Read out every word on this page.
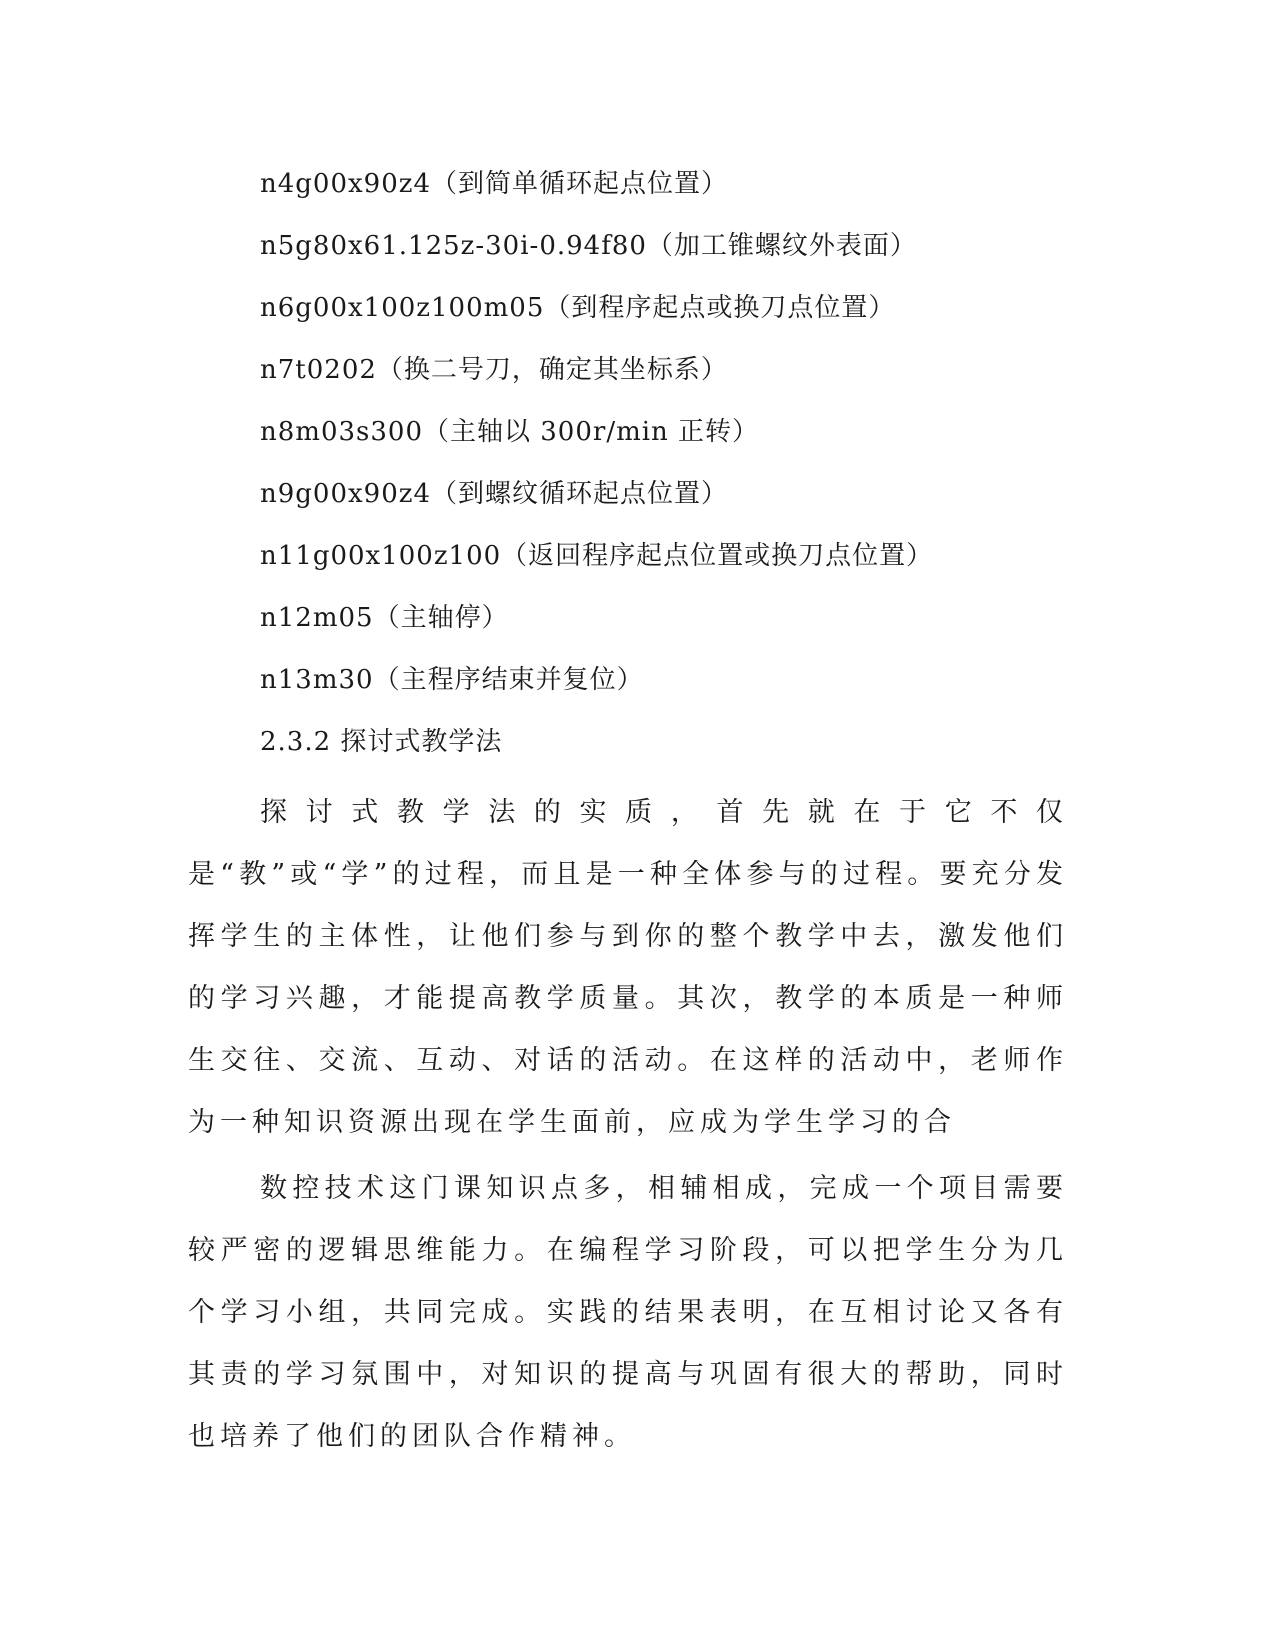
n4g00x90z4（到简单循环起点位置）
n5g80x61.125z-30i-0.94f80（加工锥螺纹外表面）
n6g00x100z100m05（到程序起点或换刀点位置）
n7t0202（换二号刀，确定其坐标系）
n8m03s300（主轴以 300r/min 正转）
n9g00x90z4（到螺纹循环起点位置）
n11g00x100z100（返回程序起点位置或换刀点位置）
n12m05（主轴停）
n13m30（主程序结束并复位）
2.3.2 探讨式教学法

探讨式教学法的实质，首先就在于它不仅是“教”或“学”的过程，而且是一种全体参与的过程。要充分发挥学生的主体性，让他们参与到你的整个教学中去，激发他们的学习兴趣，才能提高教学质量。其次，教学的本质是一种师生交往、交流、互动、对话的活动。在这样的活动中，老师作为一种知识资源出现在学生面前，应成为学生学习的合

数控技术这门课知识点多，相辅相成，完成一个项目需要较严密的逻辑思维能力。在编程学习阶段，可以把学生分为几个学习小组，共同完成。实践的结果表明，在互相讨论又各有其责的学习氛围中，对知识的提高与巩固有很大的帮助，同时也培养了他们的团队合作精神。
